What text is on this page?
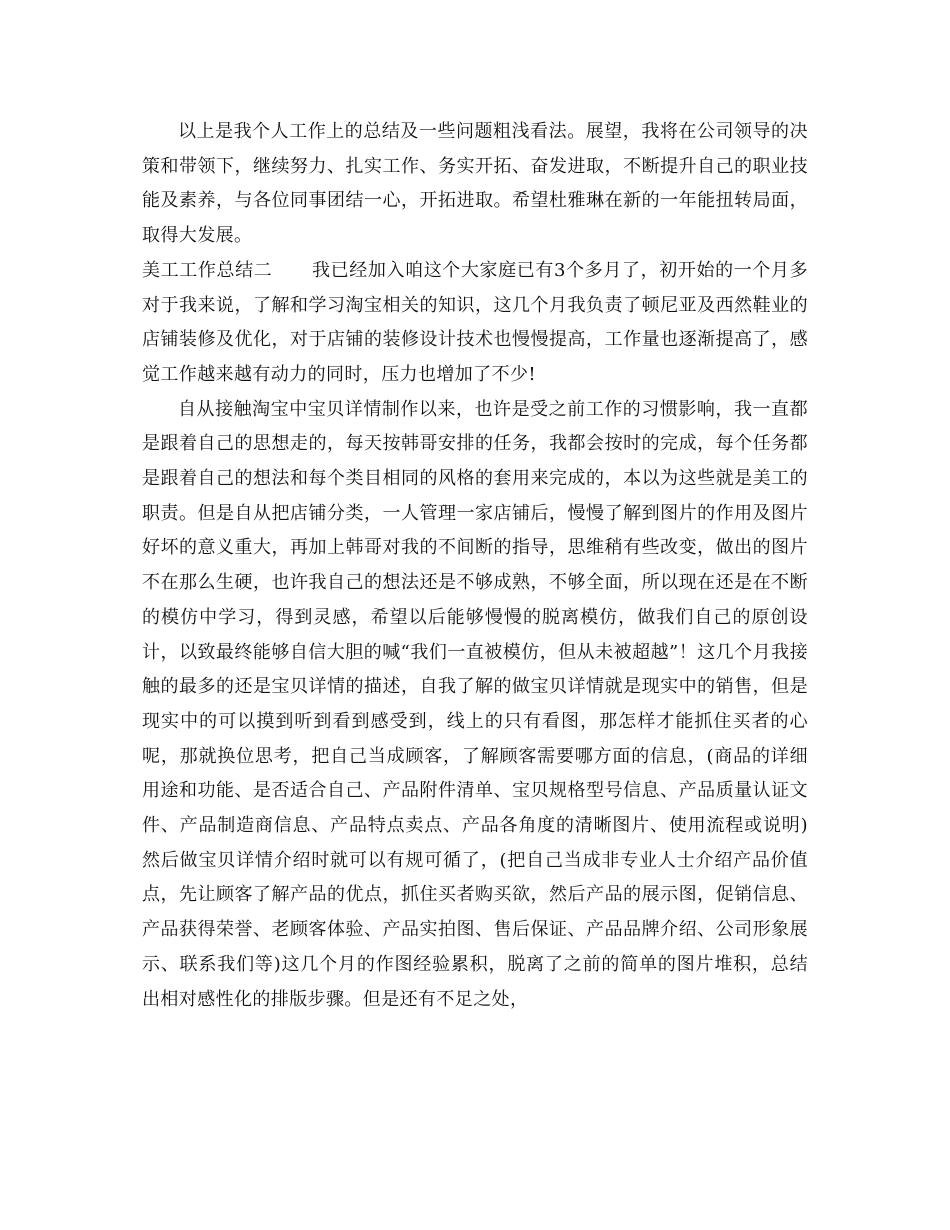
以上是我个人工作上的总结及一些问题粗浅看法。展望，我将在公司领导的决策和带领下，继续努力、扎实工作、务实开拓、奋发进取，不断提升自己的职业技能及素养，与各位同事团结一心，开拓进取。希望杜雅琳在新的一年能扭转局面，取得大发展。

美工工作总结二 我已经加入咱这个大家庭已有3个多月了，初开始的一个月多对于我来说，了解和学习淘宝相关的知识，这几个月我负责了顿尼亚及西然鞋业的店铺装修及优化，对于店铺的装修设计技术也慢慢提高，工作量也逐渐提高了，感觉工作越来越有动力的同时，压力也增加了不少!

自从接触淘宝中宝贝详情制作以来，也许是受之前工作的习惯影响，我一直都是跟着自己的思想走的，每天按韩哥安排的任务，我都会按时的完成，每个任务都是跟着自己的想法和每个类目相同的风格的套用来完成的，本以为这些就是美工的职责。但是自从把店铺分类，一人管理一家店铺后，慢慢了解到图片的作用及图片好坏的意义重大，再加上韩哥对我的不间断的指导，思维稍有些改变，做出的图片不在那么生硬，也许我自己的想法还是不够成熟，不够全面，所以现在还是在不断的模仿中学习，得到灵感，希望以后能够慢慢的脱离模仿，做我们自己的原创设计，以致最终能够自信大胆的喊“我们一直被模仿，但从未被超越”！这几个月我接触的最多的还是宝贝详情的描述，自我了解的做宝贝详情就是现实中的销售，但是现实中的可以摸到听到看到感受到，线上的只有看图，那怎样才能抓住买者的心呢，那就换位思考，把自己当成顾客，了解顾客需要哪方面的信息，(商品的详细用途和功能、是否适合自己、产品附件清单、宝贝规格型号信息、产品质量认证文件、产品制造商信息、产品特点卖点、产品各角度的清晰图片、使用流程或说明)然后做宝贝详情介绍时就可以有规可循了，(把自己当成非专业人士介绍产品价值点，先让顾客了解产品的优点，抓住买者购买欲，然后产品的展示图，促销信息、产品获得荣誉、老顾客体验、产品实拍图、售后保证、产品品牌介绍、公司形象展示、联系我们等)这几个月的作图经验累积，脱离了之前的简单的图片堆积，总结出相对感性化的排版步骤。但是还有不足之处，
